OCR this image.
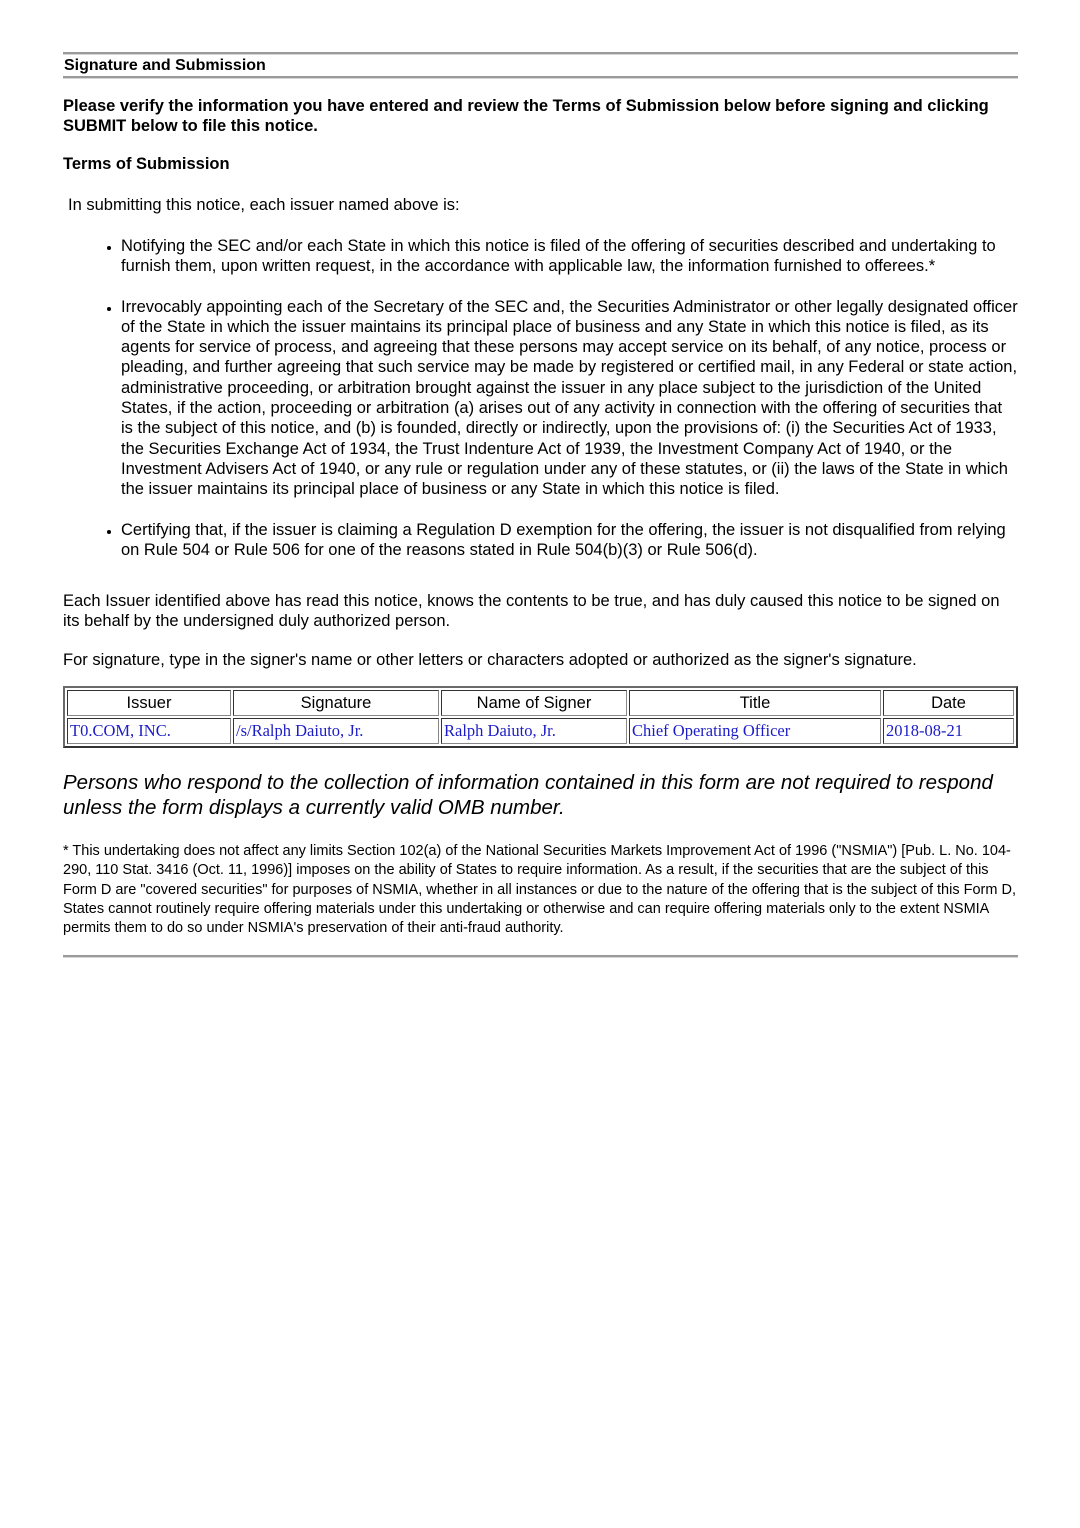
Signature and Submission
Please verify the information you have entered and review the Terms of Submission below before signing and clicking SUBMIT below to file this notice.
Terms of Submission
In submitting this notice, each issuer named above is:
• Notifying the SEC and/or each State in which this notice is filed of the offering of securities described and undertaking to furnish them, upon written request, in the accordance with applicable law, the information furnished to offerees.*
• Irrevocably appointing each of the Secretary of the SEC and, the Securities Administrator or other legally designated officer of the State in which the issuer maintains its principal place of business and any State in which this notice is filed, as its agents for service of process, and agreeing that these persons may accept service on its behalf, of any notice, process or pleading, and further agreeing that such service may be made by registered or certified mail, in any Federal or state action, administrative proceeding, or arbitration brought against the issuer in any place subject to the jurisdiction of the United States, if the action, proceeding or arbitration (a) arises out of any activity in connection with the offering of securities that is the subject of this notice, and (b) is founded, directly or indirectly, upon the provisions of: (i) the Securities Act of 1933, the Securities Exchange Act of 1934, the Trust Indenture Act of 1939, the Investment Company Act of 1940, or the Investment Advisers Act of 1940, or any rule or regulation under any of these statutes, or (ii) the laws of the State in which the issuer maintains its principal place of business or any State in which this notice is filed.
• Certifying that, if the issuer is claiming a Regulation D exemption for the offering, the issuer is not disqualified from relying on Rule 504 or Rule 506 for one of the reasons stated in Rule 504(b)(3) or Rule 506(d).
Each Issuer identified above has read this notice, knows the contents to be true, and has duly caused this notice to be signed on its behalf by the undersigned duly authorized person.
For signature, type in the signer's name or other letters or characters adopted or authorized as the signer's signature.
Issuer	Signature	Name of Signer	Title	Date
T0.COM, INC.	/s/Ralph Daiuto, Jr.	Ralph Daiuto, Jr.	Chief Operating Officer	2018-08-21
Persons who respond to the collection of information contained in this form are not required to respond unless the form displays a currently valid OMB number.
* This undertaking does not affect any limits Section 102(a) of the National Securities Markets Improvement Act of 1996 ("NSMIA") [Pub. L. No. 104-290, 110 Stat. 3416 (Oct. 11, 1996)] imposes on the ability of States to require information. As a result, if the securities that are the subject of this Form D are "covered securities" for purposes of NSMIA, whether in all instances or due to the nature of the offering that is the subject of this Form D, States cannot routinely require offering materials under this undertaking or otherwise and can require offering materials only to the extent NSMIA permits them to do so under NSMIA's preservation of their anti-fraud authority.
